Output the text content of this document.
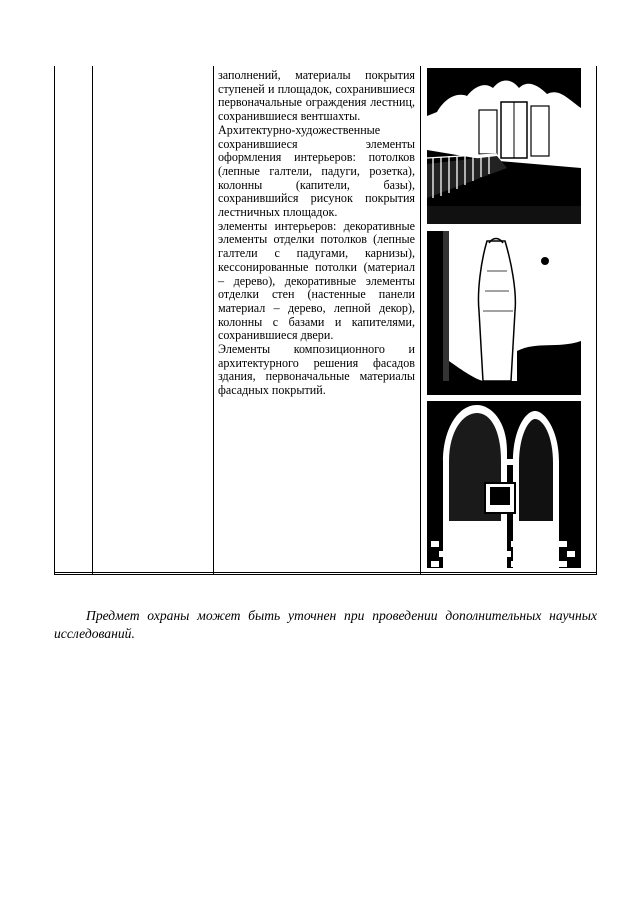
заполнений, материалы покрытия ступеней и площадок, сохранившиеся первоначальные ограждения лестниц, сохранившиеся вентшахты.

Архитектурно-художественные сохранившиеся элементы оформления интерьеров: потолков (лепные галтели, падуги, розетка), колонны (капители, базы), сохранившийся рисунок покрытия лестничных площадок.

элементы интерьеров: декоративные элементы отделки потолков (лепные галтели с падугами, карнизы), кессонированные потолки (материал – дерево), декоративные элементы отделки стен (настенные панели материал – дерево, лепной декор), колонны с базами и капителями, сохранившиеся двери.

Элементы композиционного и архитектурного решения фасадов здания, первоначальные материалы фасадных покрытий.

Предмет охраны может быть уточнен при проведении дополнительных научных исследований.
